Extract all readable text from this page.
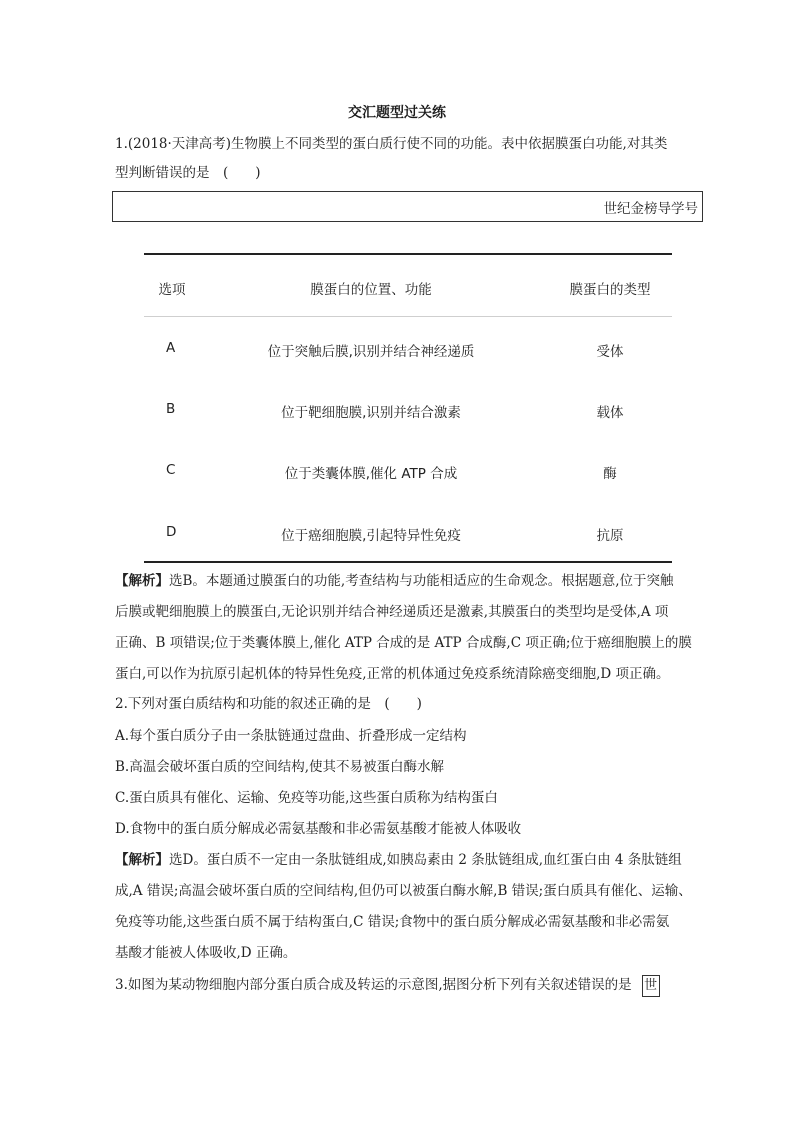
交汇题型过关练
1.(2018·天津高考)生物膜上不同类型的蛋白质行使不同的功能。表中依据膜蛋白功能,对其类
型判断错误的是　(　　)
世纪金榜导学号
选项	膜蛋白的位置、功能	膜蛋白的类型
A	位于突触后膜,识别并结合神经递质	受体
B	位于靶细胞膜,识别并结合激素	载体
C	位于类囊体膜,催化 ATP 合成	酶
D	位于癌细胞膜,引起特异性免疫	抗原
【解析】选B。本题通过膜蛋白的功能,考查结构与功能相适应的生命观念。根据题意,位于突触
后膜或靶细胞膜上的膜蛋白,无论识别并结合神经递质还是激素,其膜蛋白的类型均是受体,A 项
正确、B 项错误;位于类囊体膜上,催化 ATP 合成的是 ATP 合成酶,C 项正确;位于癌细胞膜上的膜
蛋白,可以作为抗原引起机体的特异性免疫,正常的机体通过免疫系统清除癌变细胞,D 项正确。
2.下列对蛋白质结构和功能的叙述正确的是　(　　)
A.每个蛋白质分子由一条肽链通过盘曲、折叠形成一定结构
B.高温会破坏蛋白质的空间结构,使其不易被蛋白酶水解
C.蛋白质具有催化、运输、免疫等功能,这些蛋白质称为结构蛋白
D.食物中的蛋白质分解成必需氨基酸和非必需氨基酸才能被人体吸收
【解析】选D。蛋白质不一定由一条肽链组成,如胰岛素由 2 条肽链组成,血红蛋白由 4 条肽链组
成,A 错误;高温会破坏蛋白质的空间结构,但仍可以被蛋白酶水解,B 错误;蛋白质具有催化、运输、
免疫等功能,这些蛋白质不属于结构蛋白,C 错误;食物中的蛋白质分解成必需氨基酸和非必需氨
基酸才能被人体吸收,D 正确。
3.如图为某动物细胞内部分蛋白质合成及转运的示意图,据图分析下列有关叙述错误的是 世
